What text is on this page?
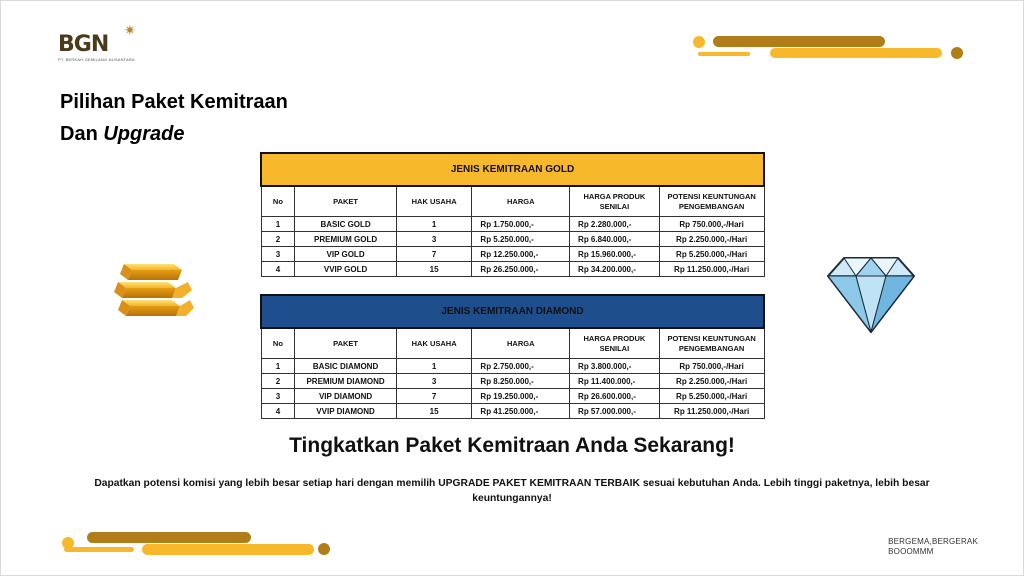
BGN
✷
PT. BERKAH GEMILANG NUSANTARA
Pilihan Paket Kemitraan
Dan Upgrade
JENIS KEMITRAAN GOLD					
No	PAKET	HAK USAHA	HARGA	HARGA PRODUK SENILAI	POTENSI KEUNTUNGAN PENGEMBANGAN
1	BASIC GOLD	1	Rp 1.750.000,-	Rp 2.280.000,-	Rp 750.000,-/Hari
2	PREMIUM GOLD	3	Rp 5.250.000,-	Rp 6.840.000,-	Rp 2.250.000,-/Hari
3	VIP GOLD	7	Rp 12.250.000,-	Rp 15.960.000,-	Rp 5.250.000,-/Hari
4	VVIP GOLD	15	Rp 26.250.000,-	Rp 34.200.000,-	Rp 11.250.000,-/Hari
JENIS KEMITRAAN DIAMOND					
No	PAKET	HAK USAHA	HARGA	HARGA PRODUK SENILAI	POTENSI KEUNTUNGAN PENGEMBANGAN
1	BASIC DIAMOND	1	Rp 2.750.000,-	Rp 3.800.000,-	Rp 750.000,-/Hari
2	PREMIUM DIAMOND	3	Rp 8.250.000,-	Rp 11.400.000,-	Rp 2.250.000,-/Hari
3	VIP DIAMOND	7	Rp 19.250.000,-	Rp 26.600.000,-	Rp 5.250.000,-/Hari
4	VVIP DIAMOND	15	Rp 41.250.000,-	Rp 57.000.000,-	Rp 11.250.000,-/Hari
Tingkatkan Paket Kemitraan Anda Sekarang!
Dapatkan potensi komisi yang lebih besar setiap hari dengan memilih UPGRADE PAKET KEMITRAAN TERBAIK sesuai kebutuhan Anda. Lebih tinggi paketnya, lebih besar keuntungannya!
BERGEMA,BERGERAK
BOOOMMM
